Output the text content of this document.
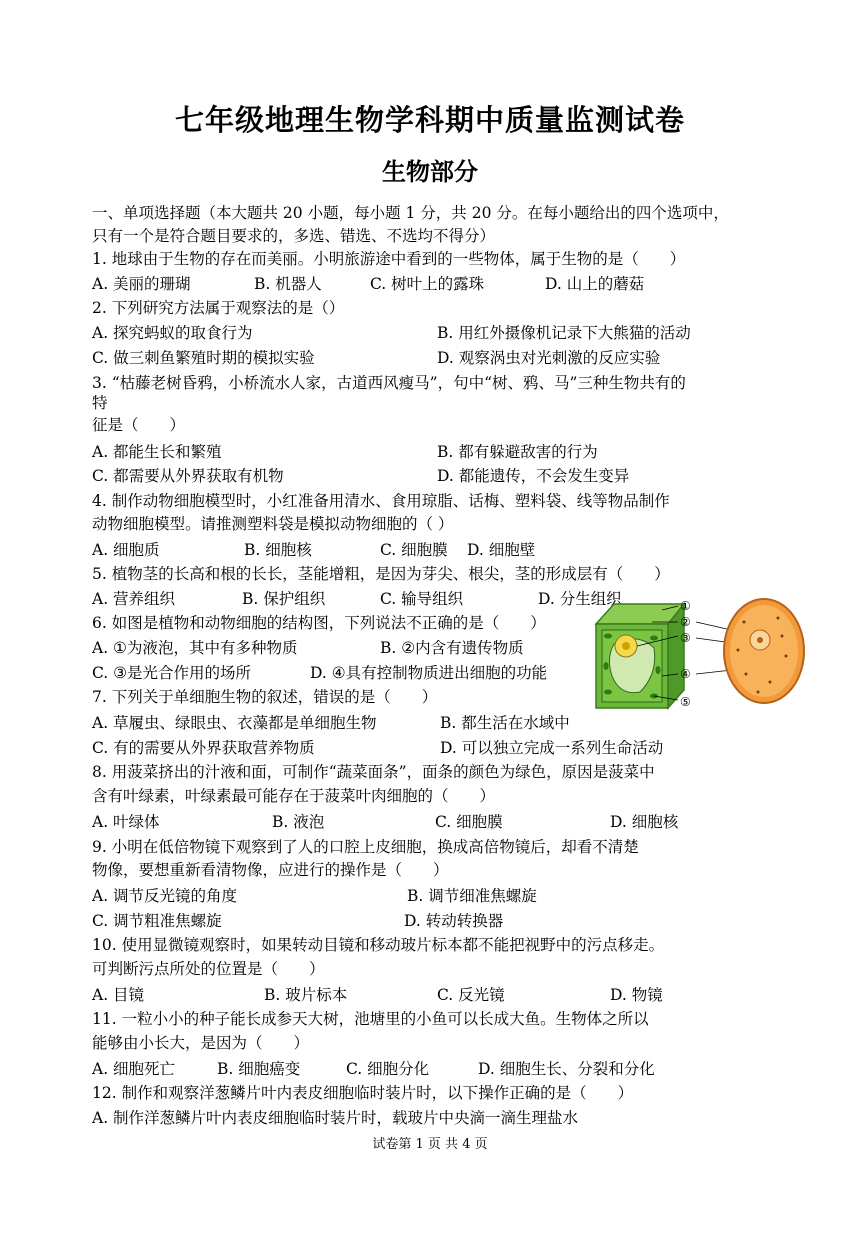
七年级地理生物学科期中质量监测试卷
生物部分
一、单项选择题（本大题共 20 小题，每小题 1 分，共 20 分。在每小题给出的四个选项中，
只有一个是符合题目要求的，多选、错选、不选均不得分）
1. 地球由于生物的存在而美丽。小明旅游途中看到的一些物体，属于生物的是（　　）
A. 美丽的珊瑚	B. 机器人	C. 树叶上的露珠	D. 山上的蘑菇
2. 下列研究方法属于观察法的是（）
A. 探究蚂蚁的取食行为	B. 用红外摄像机记录下大熊猫的活动
C. 做三刺鱼繁殖时期的模拟实验	D. 观察涡虫对光刺激的反应实验
3. “枯藤老树昏鸦，小桥流水人家，古道西风瘦马”，句中“树、鸦、马”三种生物共有的
特
征是（　　）
A. 都能生长和繁殖	B. 都有躲避敌害的行为
C. 都需要从外界获取有机物	D. 都能遗传，不会发生变异
4. 制作动物细胞模型时，小红准备用清水、食用琼脂、话梅、塑料袋、线等物品制作
动物细胞模型。请推测塑料袋是模拟动物细胞的（ ）
A. 细胞质	B. 细胞核	C. 细胞膜 D. 细胞壁
5. 植物茎的长高和根的长长，茎能增粗，是因为芽尖、根尖，茎的形成层有（　　）
A. 营养组织	B. 保护组织	C. 输导组织	D. 分生组织
6. 如图是植物和动物细胞的结构图，下列说法不正确的是（　　）
A. ①为液泡，其中有多种物质	B. ②内含有遗传物质
C. ③是光合作用的场所	D. ④具有控制物质进出细胞的功能
①
②
③
④
⑤
7. 下列关于单细胞生物的叙述，错误的是（　　）
A. 草履虫、绿眼虫、衣藻都是单细胞生物	B. 都生活在水域中
C. 有的需要从外界获取营养物质	D. 可以独立完成一系列生命活动
8. 用菠菜挤出的汁液和面，可制作“蔬菜面条”，面条的颜色为绿色，原因是菠菜中
含有叶绿素，叶绿素最可能存在于菠菜叶肉细胞的（　　）
A. 叶绿体	B. 液泡	C. 细胞膜	D. 细胞核
9. 小明在低倍物镜下观察到了人的口腔上皮细胞，换成高倍物镜后，却看不清楚
物像，要想重新看清物像，应进行的操作是（　　）
A. 调节反光镜的角度	B. 调节细准焦螺旋
C. 调节粗准焦螺旋	D. 转动转换器
10. 使用显微镜观察时，如果转动目镜和移动玻片标本都不能把视野中的污点移走。
可判断污点所处的位置是（　　）
A. 目镜	B. 玻片标本	C. 反光镜	D. 物镜
11. 一粒小小的种子能长成参天大树，池塘里的小鱼可以长成大鱼。生物体之所以
能够由小长大，是因为（　　）
A. 细胞死亡	B. 细胞癌变	C. 细胞分化	D. 细胞生长、分裂和分化
12. 制作和观察洋葱鳞片叶内表皮细胞临时装片时，以下操作正确的是（　　）
A. 制作洋葱鳞片叶内表皮细胞临时装片时，载玻片中央滴一滴生理盐水
试卷第 1 页 共 4 页
